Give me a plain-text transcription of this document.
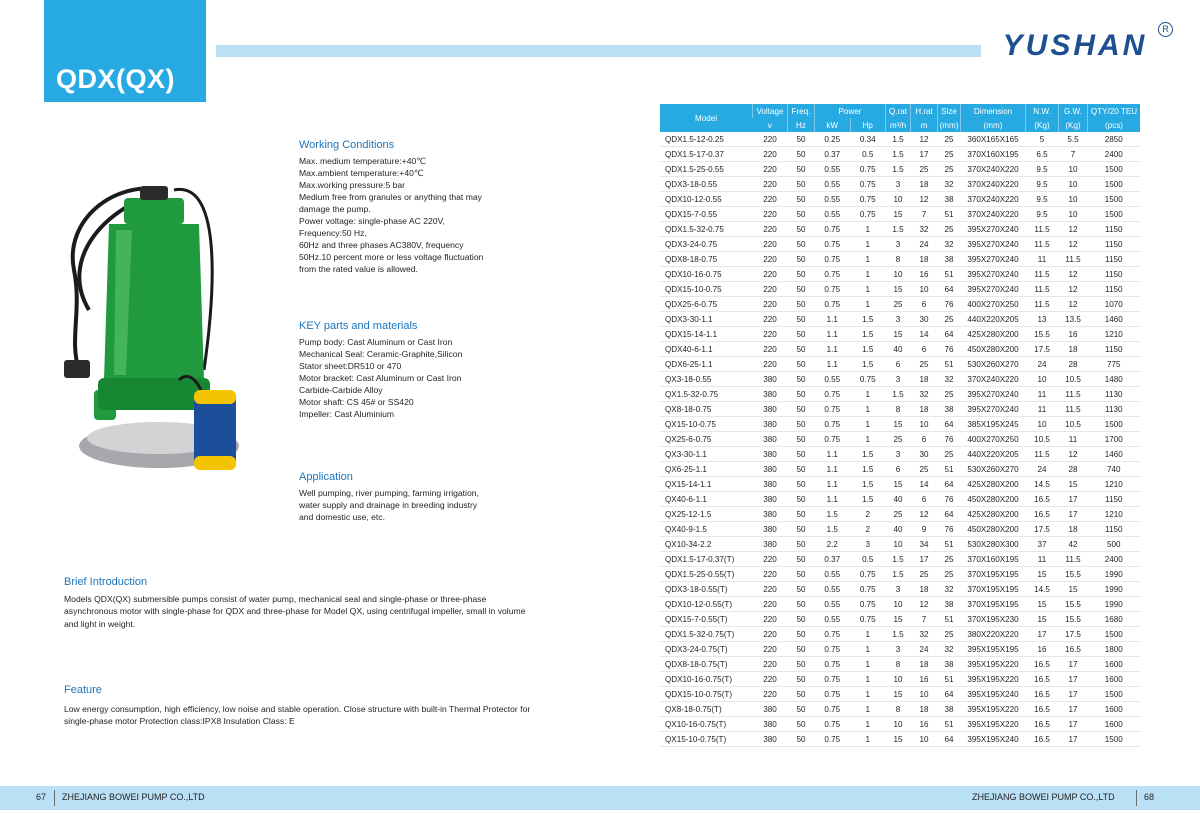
QDX(QX)
YUSHAN	R
Working Conditions

Max. medium temperature:+40℃

Max.ambient temperature:+40℃

Max.working pressure:5 bar

Medium free from granules or anything that may

damage the pump.

Power voltage: single-phase AC 220V,

Frequency:50 Hz,

60Hz and three phases AC380V, frequency

50Hz.10 percent more or less voltage fluctuation

from the rated value is allowed.

KEY parts and materials

Pump body: Cast Aluminum or Cast Iron

Mechanical Seal: Ceramic-Graphite,Silicon

Stator sheet:DR510 or 470

Motor bracket: Cast Aluminum or Cast Iron

Carbide-Carbide Alloy

Motor shaft: CS 45# or SS420

Impeller: Cast Aluminium

Application

Well pumping, river pumping, farming irrigation,

water supply and drainage in breeding industry

and domestic use, etc.

Brief Introduction

Models QDX(QX) submersible pumps consist of water pump, mechanical seal and single-phase or three-phase asynchronous motor with single-phase for QDX and three-phase for Model QX, using centrifugal impeller, small in volume and light in weight.

Feature

Low energy consumption, high efficiency, low noise and stable operation. Close structure with built-in Thermal Protector for single-phase motor Protection class:IPX8 Insulation Class: E

Model	Voltage	Freq.	Power		Q.rat	H.rat	Size	Dimension	N.W.	G.W.	QTY/20 TEU
	v	Hz	kW	Hp	m³/h	m	(mm)	(mm)	(Kg)	(Kg)	(pcs)
QDX1.5-12-0.25	220	50	0.25	0.34	1.5	12	25	360X165X165	5	5.5	2850
QDX1.5-17-0.37	220	50	0.37	0.5	1.5	17	25	370X160X195	6.5	7	2400
QDX1.5-25-0.55	220	50	0.55	0.75	1.5	25	25	370X240X220	9.5	10	1500
QDX3-18-0.55	220	50	0.55	0.75	3	18	32	370X240X220	9.5	10	1500
QDX10-12-0.55	220	50	0.55	0.75	10	12	38	370X240X220	9.5	10	1500
QDX15-7-0.55	220	50	0.55	0.75	15	7	51	370X240X220	9.5	10	1500
QDX1.5-32-0.75	220	50	0.75	1	1.5	32	25	395X270X240	11.5	12	1150
QDX3-24-0.75	220	50	0.75	1	3	24	32	395X270X240	11.5	12	1150
QDX8-18-0.75	220	50	0.75	1	8	18	38	395X270X240	11	11.5	1150
QDX10-16-0.75	220	50	0.75	1	10	16	51	395X270X240	11.5	12	1150
QDX15-10-0.75	220	50	0.75	1	15	10	64	395X270X240	11.5	12	1150
QDX25-6-0.75	220	50	0.75	1	25	6	76	400X270X250	11.5	12	1070
QDX3-30-1.1	220	50	1.1	1.5	3	30	25	440X220X205	13	13.5	1460
QDX15-14-1.1	220	50	1.1	1.5	15	14	64	425X280X200	15.5	16	1210
QDX40-6-1.1	220	50	1.1	1.5	40	6	76	450X280X200	17.5	18	1150
QDX6-25-1.1	220	50	1.1	1.5	6	25	51	530X260X270	24	28	775
QX3-18-0.55	380	50	0.55	0.75	3	18	32	370X240X220	10	10.5	1480
QX1.5-32-0.75	380	50	0.75	1	1.5	32	25	395X270X240	11	11.5	1130
QX8-18-0.75	380	50	0.75	1	8	18	38	395X270X240	11	11.5	1130
QX15-10-0.75	380	50	0.75	1	15	10	64	385X195X245	10	10.5	1500
QX25-6-0.75	380	50	0.75	1	25	6	76	400X270X250	10.5	11	1700
QX3-30-1.1	380	50	1.1	1.5	3	30	25	440X220X205	11.5	12	1460
QX6-25-1.1	380	50	1.1	1.5	6	25	51	530X260X270	24	28	740
QX15-14-1.1	380	50	1.1	1.5	15	14	64	425X280X200	14.5	15	1210
QX40-6-1.1	380	50	1.1	1.5	40	6	76	450X280X200	16.5	17	1150
QX25-12-1.5	380	50	1.5	2	25	12	64	425X280X200	16.5	17	1210
QX40-9-1.5	380	50	1.5	2	40	9	76	450X280X200	17.5	18	1150
QX10-34-2.2	380	50	2.2	3	10	34	51	530X280X300	37	42	500
QDX1.5-17-0.37(T)	220	50	0.37	0.5	1.5	17	25	370X160X195	11	11.5	2400
QDX1.5-25-0.55(T)	220	50	0.55	0.75	1.5	25	25	370X195X195	15	15.5	1990
QDX3-18-0.55(T)	220	50	0.55	0.75	3	18	32	370X195X195	14.5	15	1990
QDX10-12-0.55(T)	220	50	0.55	0.75	10	12	38	370X195X195	15	15.5	1990
QDX15-7-0.55(T)	220	50	0.55	0.75	15	7	51	370X195X230	15	15.5	1680
QDX1.5-32-0.75(T)	220	50	0.75	1	1.5	32	25	380X220X220	17	17.5	1500
QDX3-24-0.75(T)	220	50	0.75	1	3	24	32	395X195X195	16	16.5	1800
QDX8-18-0.75(T)	220	50	0.75	1	8	18	38	395X195X220	16.5	17	1600
QDX10-16-0.75(T)	220	50	0.75	1	10	16	51	395X195X220	16.5	17	1600
QDX15-10-0.75(T)	220	50	0.75	1	15	10	64	395X195X240	16.5	17	1500
QX8-18-0.75(T)	380	50	0.75	1	8	18	38	395X195X220	16.5	17	1600
QX10-16-0.75(T)	380	50	0.75	1	10	16	51	395X195X220	16.5	17	1600
QX15-10-0.75(T)	380	50	0.75	1	15	10	64	395X195X240	16.5	17	1500
67 ZHEJIANG BOWEI PUMP CO.,LTD	ZHEJIANG BOWEI PUMP CO.,LTD	68
